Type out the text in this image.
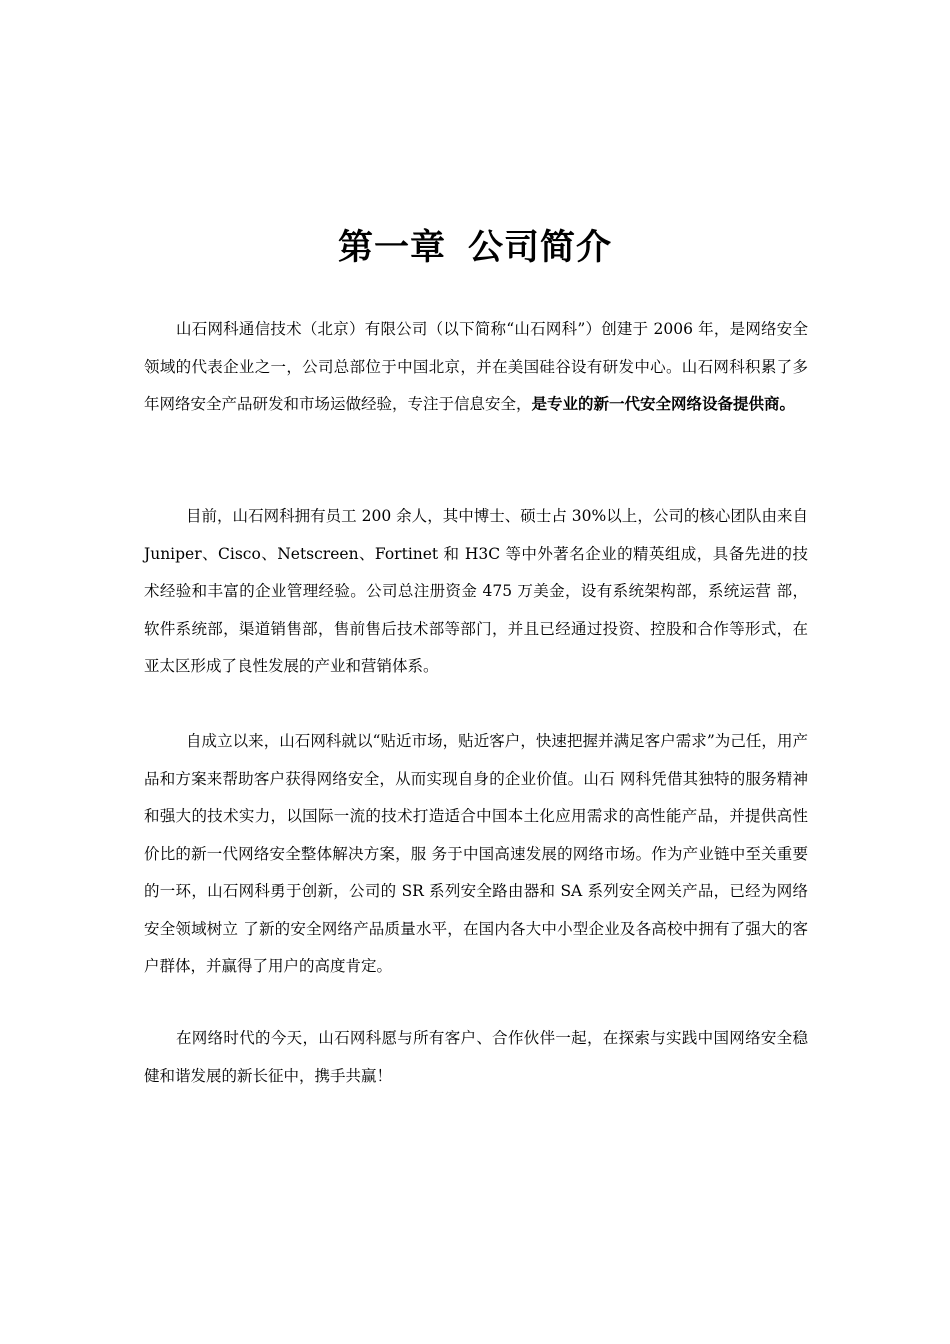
第一章 公司简介

山石网科通信技术（北京）有限公司（以下简称“山石网科”）创建于 2006 年，是网络安全领域的代表企业之一，公司总部位于中国北京，并在美国硅谷设有研发中心。山石网科积累了多年网络安全产品研发和市场运做经验，专注于信息安全，是专业的新一代安全网络设备提供商。

目前，山石网科拥有员工 200 余人，其中博士、硕士占 30%以上，公司的核心团队由来自 Juniper、Cisco、Netscreen、Fortinet 和 H3C 等中外著名企业的精英组成，具备先进的技术经验和丰富的企业管理经验。公司总注册资金 475 万美金，设有系统架构部，系统运营 部，软件系统部，渠道销售部，售前售后技术部等部门，并且已经通过投资、控股和合作等形式，在亚太区形成了良性发展的产业和营销体系。

自成立以来，山石网科就以“贴近市场，贴近客户，快速把握并满足客户需求”为己任，用产品和方案来帮助客户获得网络安全，从而实现自身的企业价值。山石 网科凭借其独特的服务精神和强大的技术实力，以国际一流的技术打造适合中国本土化应用需求的高性能产品，并提供高性价比的新一代网络安全整体解决方案，服 务于中国高速发展的网络市场。作为产业链中至关重要的一环，山石网科勇于创新，公司的 SR 系列安全路由器和 SA 系列安全网关产品，已经为网络安全领域树立 了新的安全网络产品质量水平，在国内各大中小型企业及各高校中拥有了强大的客户群体，并赢得了用户的高度肯定。

在网络时代的今天，山石网科愿与所有客户、合作伙伴一起，在探索与实践中国网络安全稳健和谐发展的新长征中，携手共赢！
